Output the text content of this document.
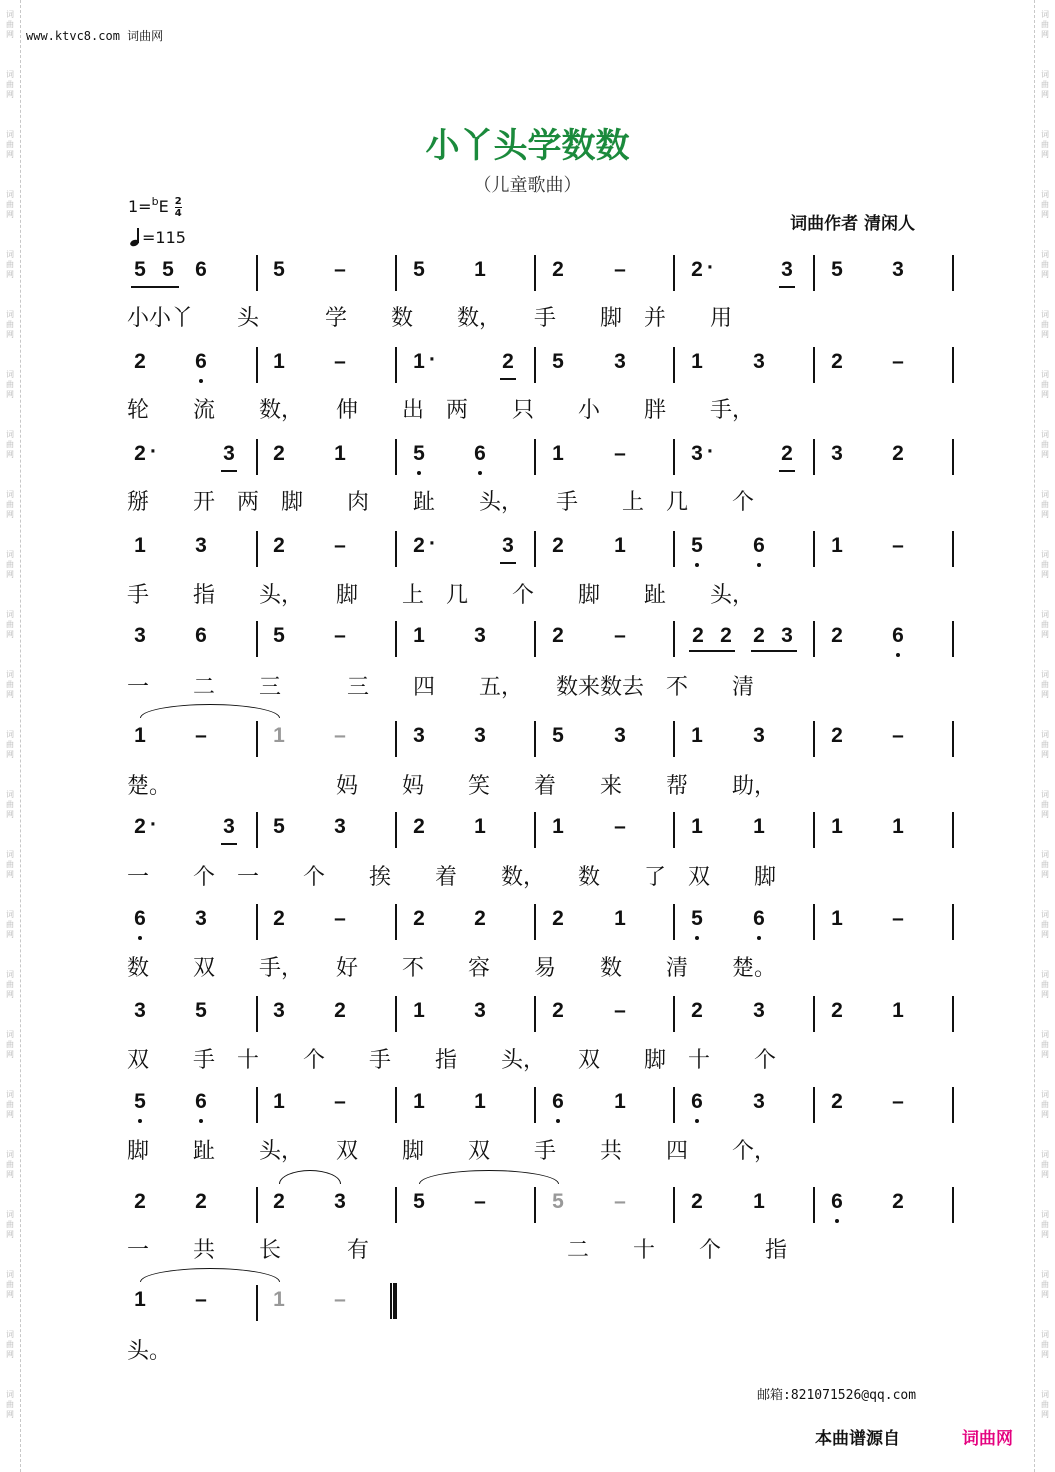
词
曲
网
词
曲
网
词
曲
网
词
曲
网
词
曲
网
词
曲
网
词
曲
网
词
曲
网
词
曲
网
词
曲
网
词
曲
网
词
曲
网
词
曲
网
词
曲
网
词
曲
网
词
曲
网
词
曲
网
词
曲
网
词
曲
网
词
曲
网
词
曲
网
词
曲
网
词
曲
网
词
曲
网
词
曲
网
词
曲
网
词
曲
网
词
曲
网
词
曲
网
词
曲
网
词
曲
网
词
曲
网
词
曲
网
词
曲
网
词
曲
网
词
曲
网
词
曲
网
词
曲
网
词
曲
网
词
曲
网
词
曲
网
词
曲
网
词
曲
网
词
曲
网
词
曲
网
词
曲
网
词
曲
网
词
曲
网
www.ktvc8.com 词曲网
小丫头学数数
（儿童歌曲）
$1=^bE \frac{2}{4}$
=115
词曲作者 清闲人
5 5	6	5	–	5	1	2	–	2 ·	3	5	3
小小丫　　头　　　学　　数　　数，　　手　　脚　并　　用
2	6	1	–	1 ·	2	5	3	1	3	2	–
轮　　流　　数，　　伸　　出　两　　只　　小　　胖　　手，
2 ·	3	2	1	5	6	1	–	3 ·	2	3	2
掰　　开　两　脚　　肉　　趾　　头，　　手　　上　几　　个
1	3	2	–	2 ·	3	2	1	5	6	1	–
手　　指　　头，　　脚　　上　几　　个　　脚　　趾　　头，
3	6	5	–	1	3	2	–	2 2	2 3	2	6
一　　二　　三　　　三　　四　　五，　　数来数去　不　　清
1	–	1	–	3	3	5	3	1	3	2	–
楚。　　　　　　　　妈　　妈　　笑　　着　　来　　帮　　助，
2 ·	3	5	3	2	1	1	–	1	1	1	1
一　　个　一　　个　　挨　　着　　数，　　数　　了　双　　脚
6	3	2	–	2	2	2	1	5	6	1	–
数　　双　　手，　　好　　不　　容　　易　　数　　清　　楚。
3	5	3	2	1	3	2	–	2	3	2	1
双　　手　十　　个　　手　　指　　头，　　双　　脚　十　　个
5	6	1	–	1	1	6	1	6	3	2	–
脚　　趾　　头，　　双　　脚　　双　　手　　共　　四　　个，
2	2	2	3	5	–	5	–	2	1	6	2
一　　共　　长　　　有　　　　　　　　　二　　十　　个　　指
1	–	1	–
头。
邮箱:821071526@qq.com
本曲谱源自	词曲网
